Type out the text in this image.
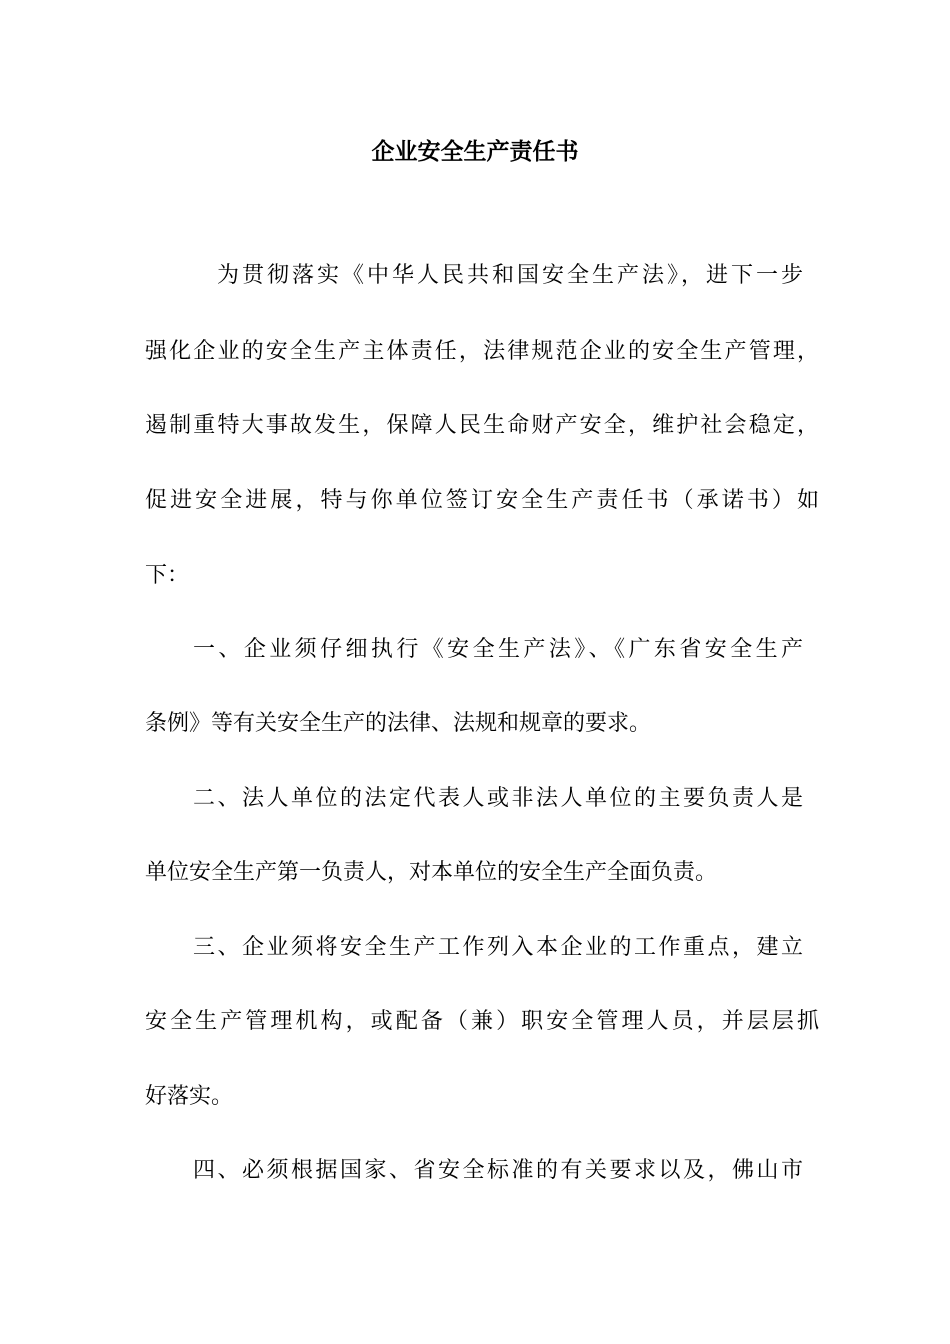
企业安全生产责任书
为贯彻落实《中华人民共和国安全生产法》，进下一步
强化企业的安全生产主体责任，法律规范企业的安全生产管理，
遏制重特大事故发生，保障人民生命财产安全，维护社会稳定，
促进安全进展，特与你单位签订安全生产责任书（承诺书）如
下：
一、企业须仔细执行《安全生产法》、《广东省安全生产
条例》等有关安全生产的法律、法规和规章的要求。
二、法人单位的法定代表人或非法人单位的主要负责人是
单位安全生产第一负责人，对本单位的安全生产全面负责。
三、企业须将安全生产工作列入本企业的工作重点，建立
安全生产管理机构，或配备（兼）职安全管理人员，并层层抓
好落实。
四、必须根据国家、省安全标准的有关要求以及，佛山市
